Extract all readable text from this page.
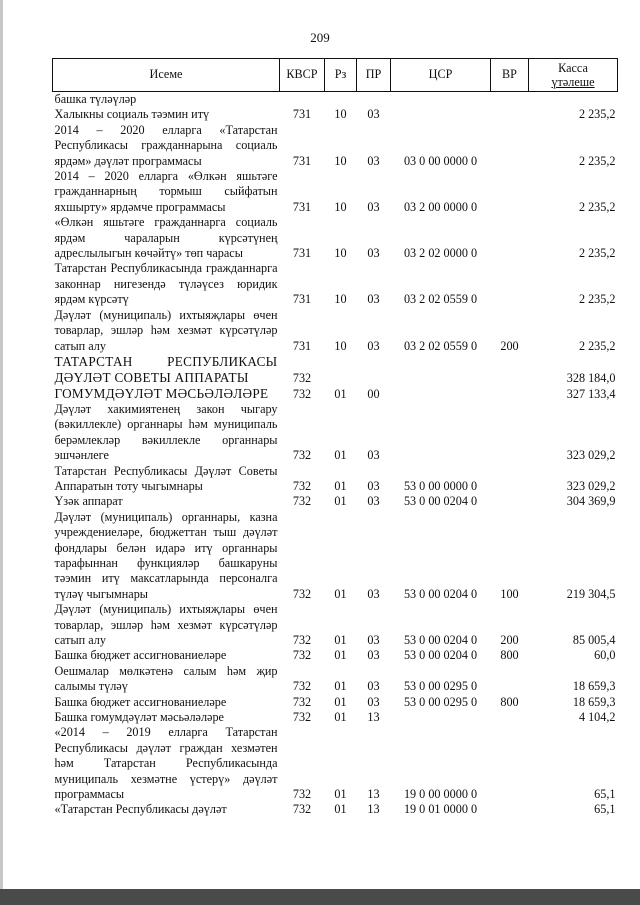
209
Исеме	КВСР	Рз	ПР	ЦСР	ВР	Касса
үтәлеше

башка түләүләр						
Халыкны социаль тәэмин итү	731	10	03			2 235,2
2014 – 2020 елларга «Татарстан Республикасы гражданнарына социаль ярдәм» дәүләт программасы	731	10	03	03 0 00 0000 0		2 235,2
2014 – 2020 елларга «Өлкән яшьтәге гражданнарның тормыш сыйфатын яхшырту» ярдәмче программасы	731	10	03	03 2 00 0000 0		2 235,2
«Өлкән яшьтәге гражданнарга социаль ярдәм чараларын күрсәтүнең адреслылыгын көчәйтү» төп чарасы	731	10	03	03 2 02 0000 0		2 235,2
Татарстан Республикасында гражданнарга законнар нигезендә түләүсез юридик ярдәм күрсәтү	731	10	03	03 2 02 0559 0		2 235,2
Дәүләт (муниципаль) ихтыяҗлары өчен товарлар, эшләр һәм хезмәт күрсәтүләр сатып алу	731	10	03	03 2 02 0559 0	200	2 235,2
ТАТАРСТАН РЕСПУБЛИКАСЫ ДӘҮЛӘТ СОВЕТЫ АППАРАТЫ	732					328 184,0
ГОМУМДӘҮЛӘТ МӘСЬӘЛӘЛӘРЕ	732	01	00			327 133,4
Дәүләт хакимиятенең закон чыгару (вәкиллекле) органнары һәм муниципаль берәмлекләр вәкиллекле органнары эшчәнлеге	732	01	03			323 029,2
Татарстан Республикасы Дәүләт Советы Аппаратын тоту чыгымнары	732	01	03	53 0 00 0000 0		323 029,2
Үзәк аппарат	732	01	03	53 0 00 0204 0		304 369,9
Дәүләт (муниципаль) органнары, казна учреждениеләре, бюджеттан тыш дәүләт фондлары белән идарә итү органнары тарафыннан функцияләр башкаруны тәэмин итү максатларында персоналга түләү чыгымнары	732	01	03	53 0 00 0204 0	100	219 304,5
Дәүләт (муниципаль) ихтыяҗлары өчен товарлар, эшләр һәм хезмәт күрсәтүләр сатып алу	732	01	03	53 0 00 0204 0	200	85 005,4
Башка бюджет ассигнованиеләре	732	01	03	53 0 00 0204 0	800	60,0
Оешмалар мөлкәтенә салым һәм җир салымы түләү	732	01	03	53 0 00 0295 0		18 659,3
Башка бюджет ассигнованиеләре	732	01	03	53 0 00 0295 0	800	18 659,3
Башка гомумдәүләт мәсьәләләре	732	01	13			4 104,2
«2014 – 2019 елларга Татарстан Республикасы дәүләт граждан хезмәтен һәм Татарстан Республикасында муниципаль хезмәтне үстерү» дәүләт программасы	732	01	13	19 0 00 0000 0		65,1
«Татарстан Республикасы дәүләт	732	01	13	19 0 01 0000 0		65,1
